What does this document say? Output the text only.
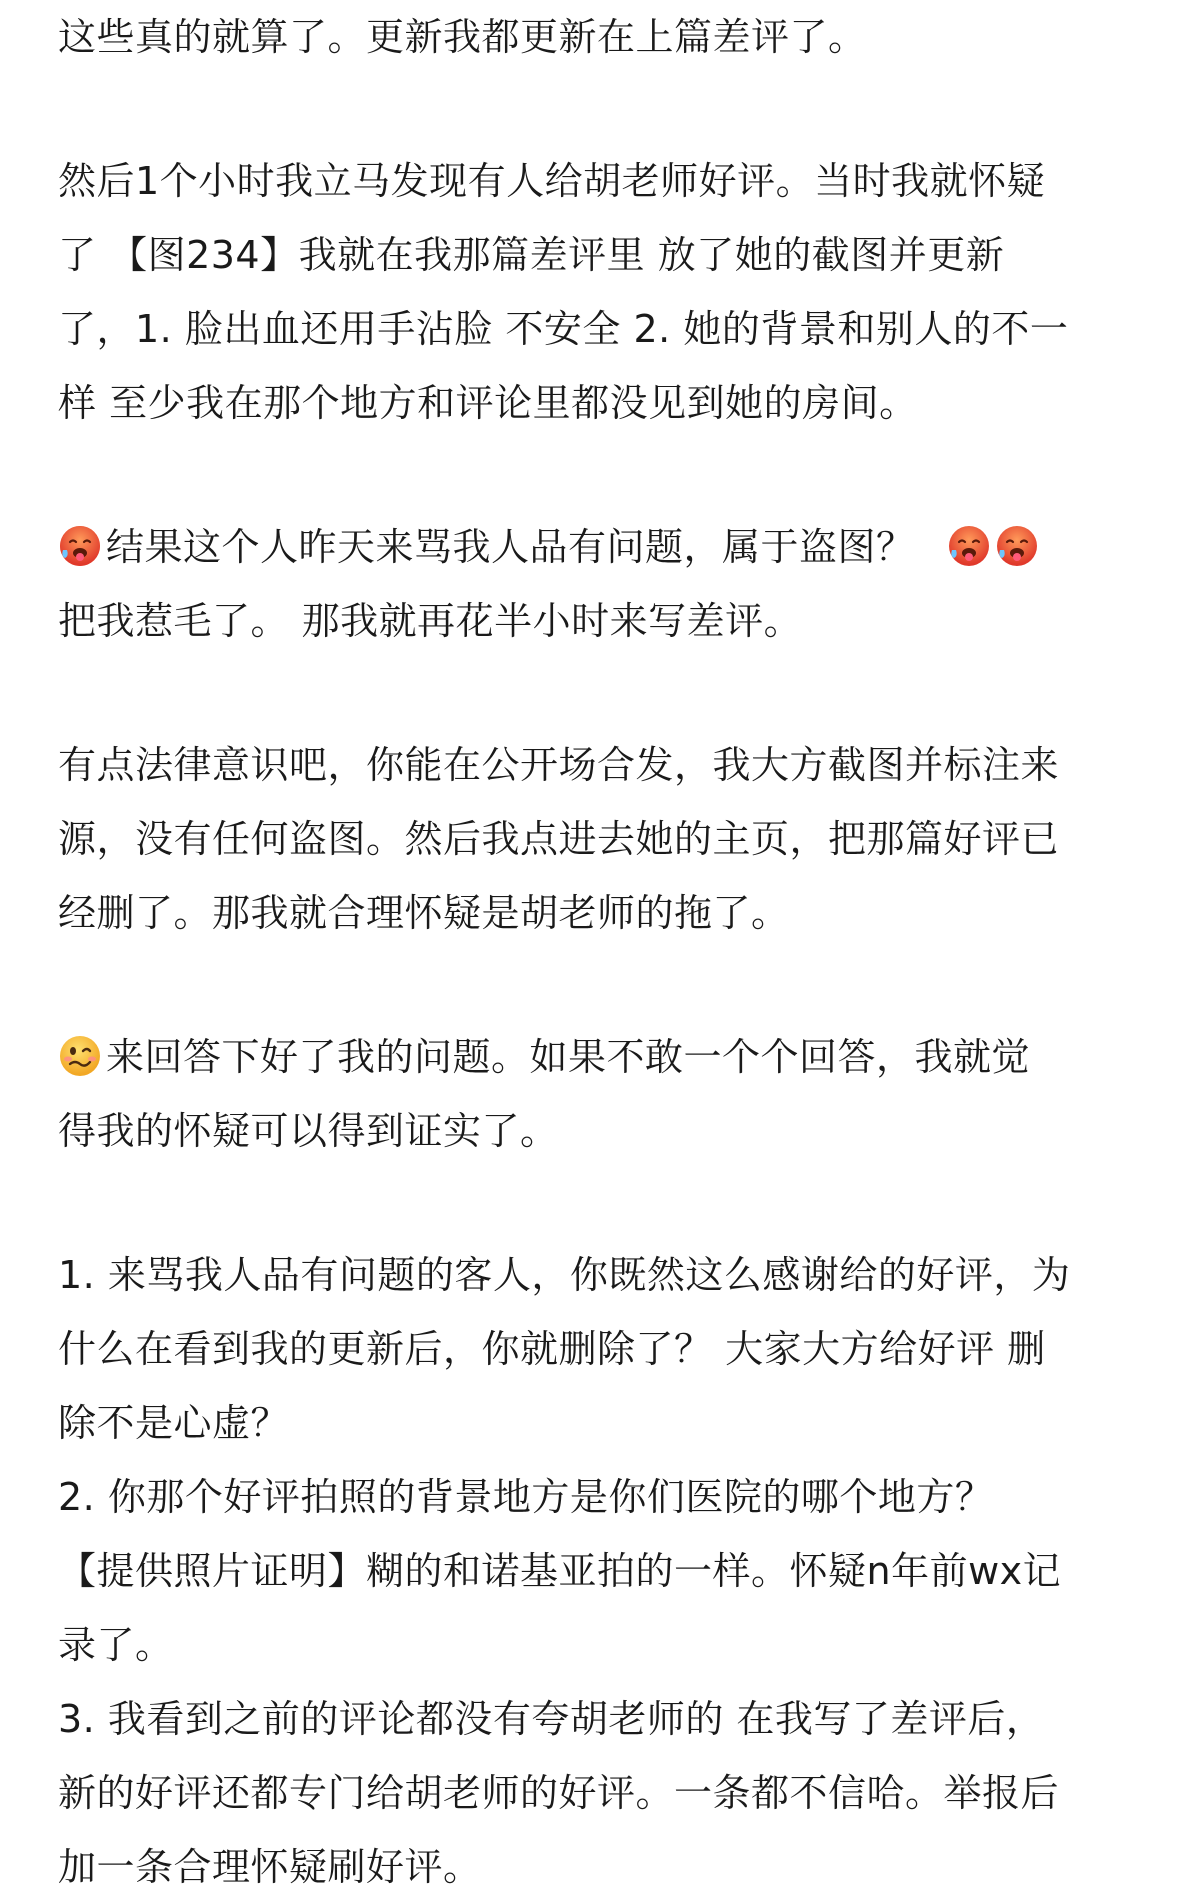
这些真的就算了。更新我都更新在上篇差评了。
然后1个小时我立马发现有人给胡老师好评。当时我就怀疑
了 【图234】我就在我那篇差评里 放了她的截图并更新
了，1. 脸出血还用手沾脸 不安全 2. 她的背景和别人的不一
样 至少我在那个地方和评论里都没见到她的房间。
结果这个人昨天来骂我人品有问题，属于盗图？
把我惹毛了。 那我就再花半小时来写差评。
有点法律意识吧，你能在公开场合发，我大方截图并标注来
源，没有任何盗图。然后我点进去她的主页，把那篇好评已
经删了。那我就合理怀疑是胡老师的拖了。
来回答下好了我的问题。如果不敢一个个回答，我就觉
得我的怀疑可以得到证实了。
1. 来骂我人品有问题的客人，你既然这么感谢给的好评，为
什么在看到我的更新后，你就删除了？ 大家大方给好评 删
除不是心虚？
2. 你那个好评拍照的背景地方是你们医院的哪个地方？
【提供照片证明】糊的和诺基亚拍的一样。怀疑n年前wx记
录了。
3. 我看到之前的评论都没有夸胡老师的 在我写了差评后，
新的好评还都专门给胡老师的好评。一条都不信哈。举报后
加一条合理怀疑刷好评。
